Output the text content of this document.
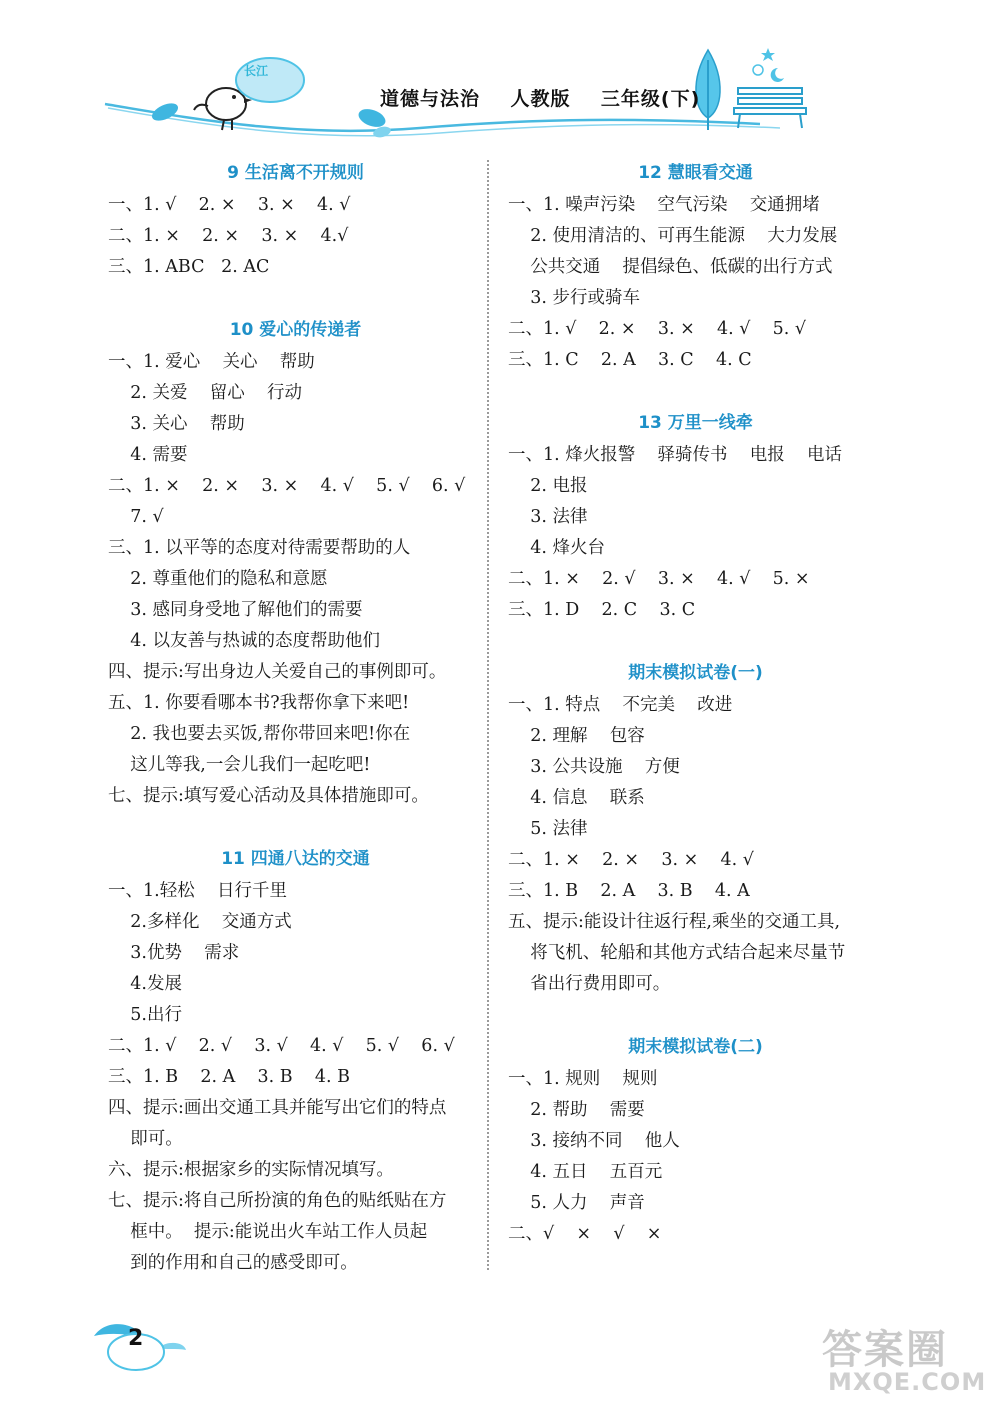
长江
道德与法治    人教版    三年级(下)
9 生活离不开规则
一、1. √    2. ×    3. ×    4. √
二、1. ×    2. ×    3. ×    4.√
三、1. ABC   2. AC
10 爱心的传递者
一、1. 爱心    关心    帮助
2. 关爱    留心    行动
3. 关心    帮助
4. 需要
二、1. ×    2. ×    3. ×    4. √    5. √    6. √
7. √
三、1. 以平等的态度对待需要帮助的人
2. 尊重他们的隐私和意愿
3. 感同身受地了解他们的需要
4. 以友善与热诚的态度帮助他们
四、提示:写出身边人关爱自己的事例即可。
五、1. 你要看哪本书?我帮你拿下来吧!
2. 我也要去买饭,帮你带回来吧!你在
这儿等我,一会儿我们一起吃吧!
七、提示:填写爱心活动及具体措施即可。
11 四通八达的交通
一、1.轻松    日行千里
2.多样化    交通方式
3.优势    需求
4.发展
5.出行
二、1. √    2. √    3. √    4. √    5. √    6. √
三、1. B    2. A    3. B    4. B
四、提示:画出交通工具并能写出它们的特点
即可。
六、提示:根据家乡的实际情况填写。
七、提示:将自己所扮演的角色的贴纸贴在方
框中。  提示:能说出火车站工作人员起
到的作用和自己的感受即可。
12 慧眼看交通
一、1. 噪声污染    空气污染    交通拥堵
2. 使用清洁的、可再生能源    大力发展
公共交通    提倡绿色、低碳的出行方式
3. 步行或骑车
二、1. √    2. ×    3. ×    4. √    5. √
三、1. C    2. A    3. C    4. C
13 万里一线牵
一、1. 烽火报警    驿骑传书    电报    电话
2. 电报
3. 法律
4. 烽火台
二、1. ×    2. √    3. ×    4. √    5. ×
三、1. D    2. C    3. C
期末模拟试卷(一)
一、1. 特点    不完美    改进
2. 理解    包容
3. 公共设施    方便
4. 信息    联系
5. 法律
二、1. ×    2. ×    3. ×    4. √
三、1. B    2. A    3. B    4. A
五、提示:能设计往返行程,乘坐的交通工具,
将飞机、轮船和其他方式结合起来尽量节
省出行费用即可。
期末模拟试卷(二)
一、1. 规则    规则
2. 帮助    需要
3. 接纳不同    他人
4. 五日    五百元
5. 人力    声音
二、√    ×    √    ×
2	答案圈
MXQE.COM
